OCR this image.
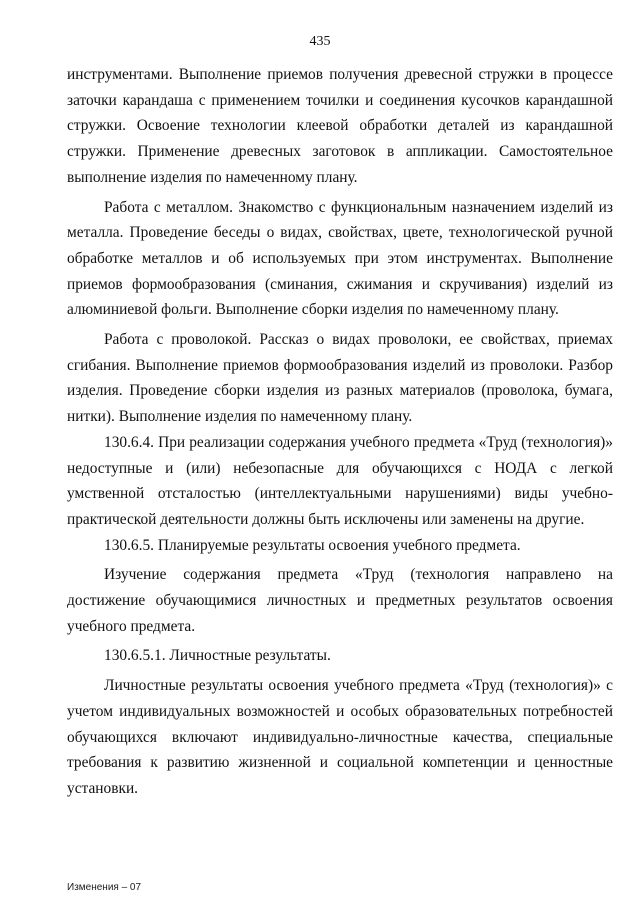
435

инструментами. Выполнение приемов получения древесной стружки в процессе заточки карандаша с применением точилки и соединения кусочков карандашной стружки. Освоение технологии клеевой обработки деталей из карандашной стружки. Применение древесных заготовок в аппликации. Самостоятельное выполнение изделия по намеченному плану.

Работа с металлом. Знакомство с функциональным назначением изделий из металла. Проведение беседы о видах, свойствах, цвете, технологической ручной обработке металлов и об используемых при этом инструментах. Выполнение приемов формообразования (сминания, сжимания и скручивания) изделий из алюминиевой фольги. Выполнение сборки изделия по намеченному плану.

Работа с проволокой. Рассказ о видах проволоки, ее свойствах, приемах сгибания. Выполнение приемов формообразования изделий из проволоки. Разбор изделия. Проведение сборки изделия из разных материалов (проволока, бумага, нитки). Выполнение изделия по намеченному плану.

130.6.4. При реализации содержания учебного предмета «Труд (технология)» недоступные и (или) небезопасные для обучающихся с НОДА с легкой умственной отсталостью (интеллектуальными нарушениями) виды учебно-практической деятельности должны быть исключены или заменены на другие.

130.6.5. Планируемые результаты освоения учебного предмета.

Изучение содержания предмета «Труд (технология направлено на достижение обучающимися личностных и предметных результатов освоения учебного предмета.

130.6.5.1. Личностные результаты.

Личностные результаты освоения учебного предмета «Труд (технология)» с учетом индивидуальных возможностей и особых образовательных потребностей обучающихся включают индивидуально-личностные качества, специальные требования к развитию жизненной и социальной компетенции и ценностные установки.

Изменения – 07
